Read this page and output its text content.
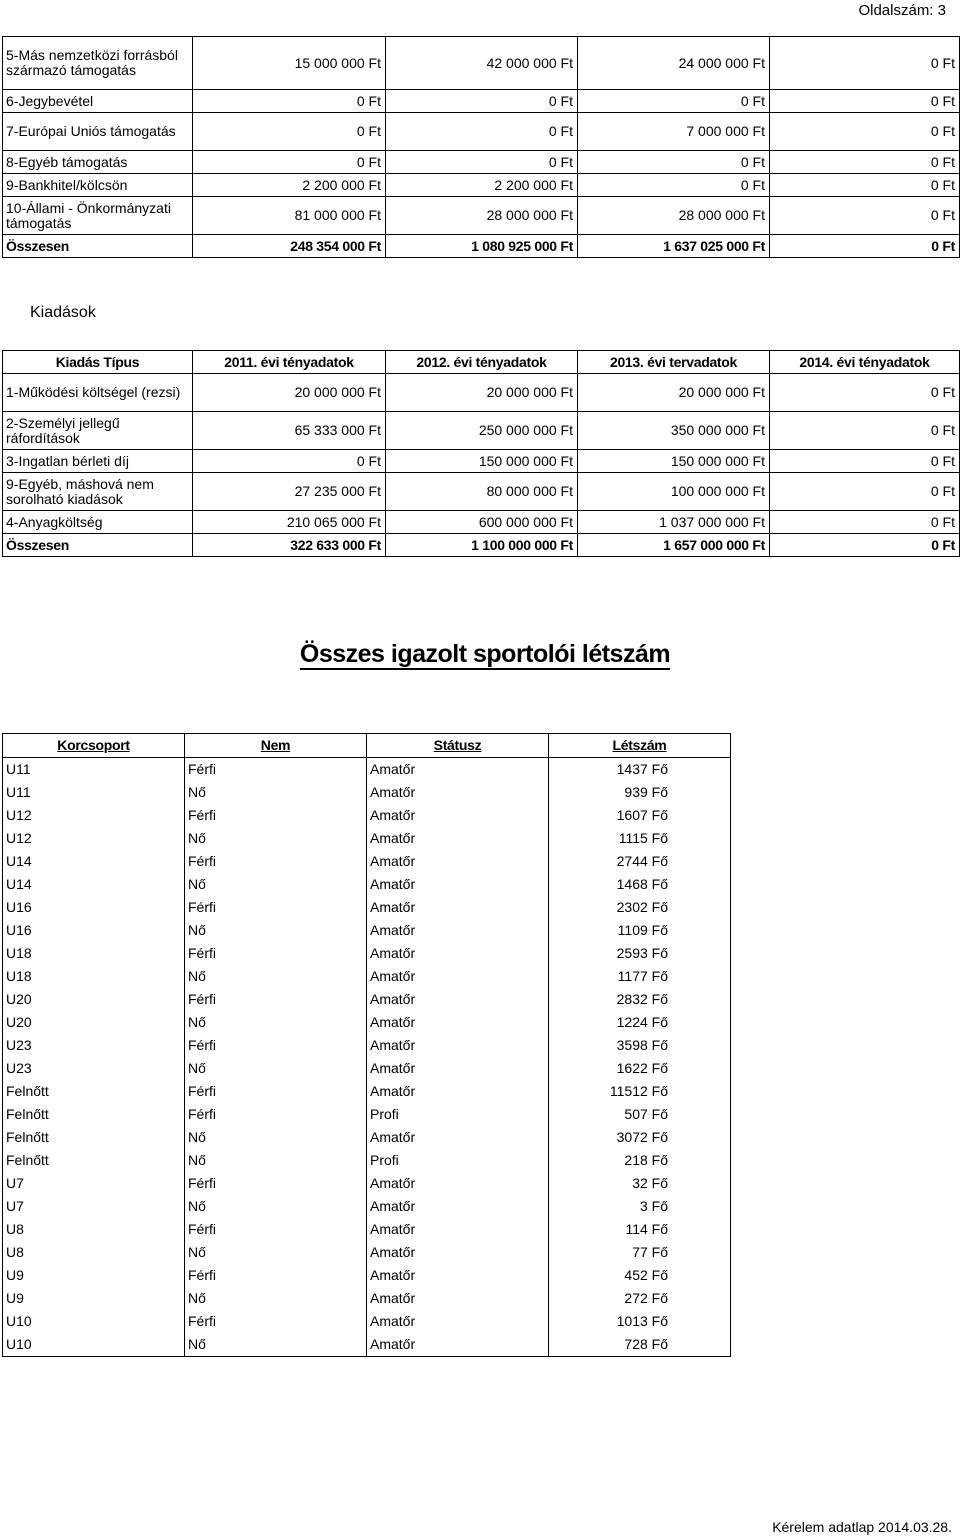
Oldalszám: 3
5-Más nemzetközi forrásból származó támogatás	15 000 000 Ft	42 000 000 Ft	24 000 000 Ft	0 Ft
6-Jegybevétel	0 Ft	0 Ft	0 Ft	0 Ft
7-Európai Uniós támogatás	0 Ft	0 Ft	7 000 000 Ft	0 Ft
8-Egyéb támogatás	0 Ft	0 Ft	0 Ft	0 Ft
9-Bankhitel/kölcsön	2 200 000 Ft	2 200 000 Ft	0 Ft	0 Ft
10-Állami - Önkormányzati támogatás	81 000 000 Ft	28 000 000 Ft	28 000 000 Ft	0 Ft
Összesen	248 354 000 Ft	1 080 925 000 Ft	1 637 025 000 Ft	0 Ft
Kiadások
Kiadás Típus	2011. évi tényadatok	2012. évi tényadatok	2013. évi tervadatok	2014. évi tényadatok
1-Működési költségel (rezsi)	20 000 000 Ft	20 000 000 Ft	20 000 000 Ft	0 Ft
2-Személyi jellegű ráfordítások	65 333 000 Ft	250 000 000 Ft	350 000 000 Ft	0 Ft
3-Ingatlan bérleti díj	0 Ft	150 000 000 Ft	150 000 000 Ft	0 Ft
9-Egyéb, máshová nem sorolható kiadások	27 235 000 Ft	80 000 000 Ft	100 000 000 Ft	0 Ft
4-Anyagköltség	210 065 000 Ft	600 000 000 Ft	1 037 000 000 Ft	0 Ft
Összesen	322 633 000 Ft	1 100 000 000 Ft	1 657 000 000 Ft	0 Ft
Összes igazolt sportolói létszám
Korcsoport	Nem	Státusz	Létszám
U11	Férfi	Amatőr	1437 Fő
U11	Nő	Amatőr	939 Fő
U12	Férfi	Amatőr	1607 Fő
U12	Nő	Amatőr	1115 Fő
U14	Férfi	Amatőr	2744 Fő
U14	Nő	Amatőr	1468 Fő
U16	Férfi	Amatőr	2302 Fő
U16	Nő	Amatőr	1109 Fő
U18	Férfi	Amatőr	2593 Fő
U18	Nő	Amatőr	1177 Fő
U20	Férfi	Amatőr	2832 Fő
U20	Nő	Amatőr	1224 Fő
U23	Férfi	Amatőr	3598 Fő
U23	Nő	Amatőr	1622 Fő
Felnőtt	Férfi	Amatőr	11512 Fő
Felnőtt	Férfi	Profi	507 Fő
Felnőtt	Nő	Amatőr	3072 Fő
Felnőtt	Nő	Profi	218 Fő
U7	Férfi	Amatőr	32 Fő
U7	Nő	Amatőr	3 Fő
U8	Férfi	Amatőr	114 Fő
U8	Nő	Amatőr	77 Fő
U9	Férfi	Amatőr	452 Fő
U9	Nő	Amatőr	272 Fő
U10	Férfi	Amatőr	1013 Fő
U10	Nő	Amatőr	728 Fő
Kérelem adatlap 2014.03.28.
